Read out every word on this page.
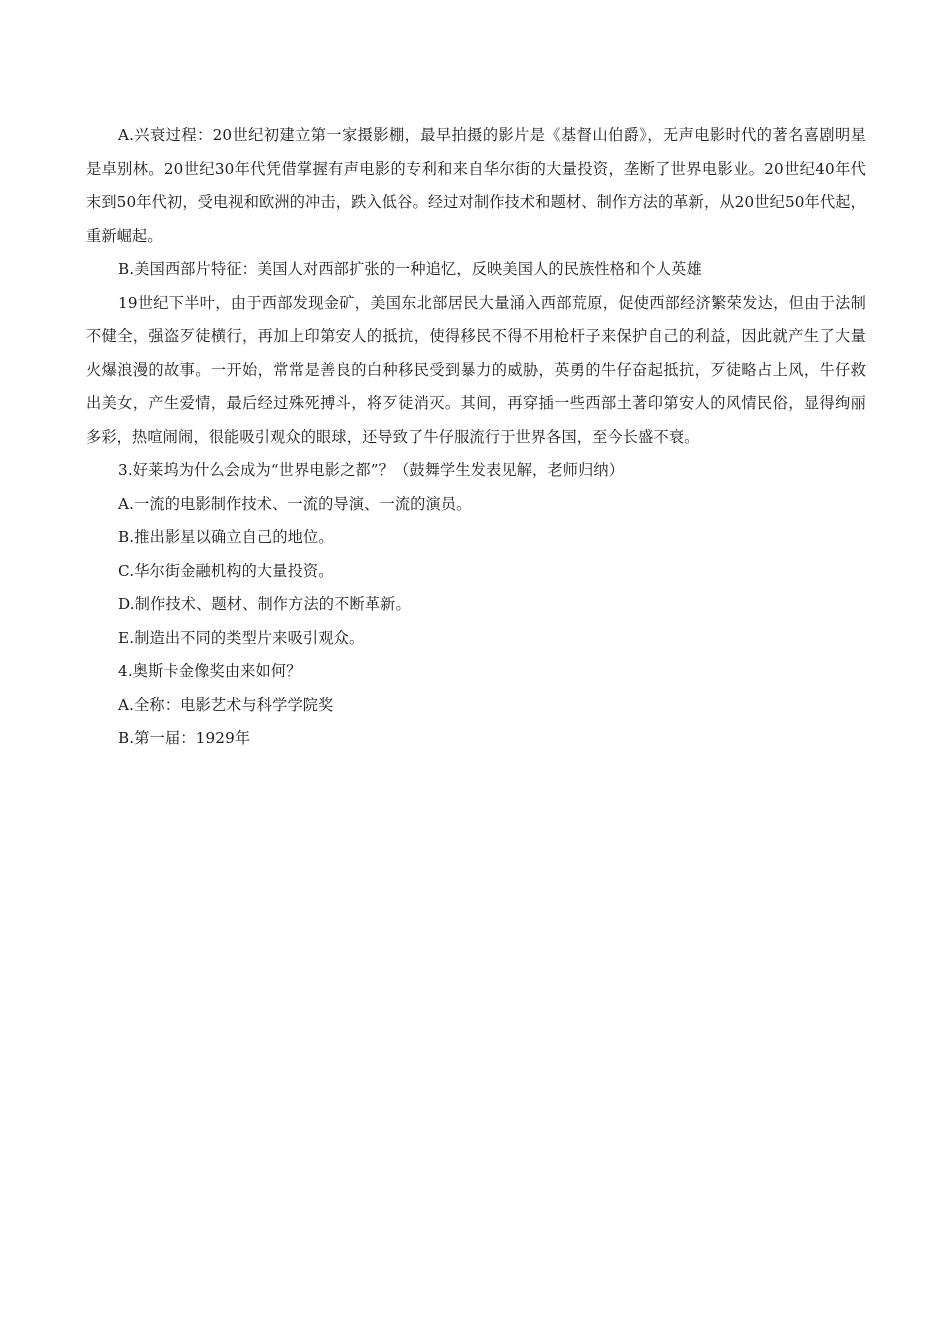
A.兴衰过程：20世纪初建立第一家摄影棚，最早拍摄的影片是《基督山伯爵》，无声电影时代的著名喜剧明星是卓别林。20世纪30年代凭借掌握有声电影的专利和来自华尔街的大量投资，垄断了世界电影业。20世纪40年代末到50年代初，受电视和欧洲的冲击，跌入低谷。经过对制作技术和题材、制作方法的革新，从20世纪50年代起，重新崛起。

B.美国西部片特征：美国人对西部扩张的一种追忆，反映美国人的民族性格和个人英雄

19世纪下半叶，由于西部发现金矿，美国东北部居民大量涌入西部荒原，促使西部经济繁荣发达，但由于法制不健全，强盗歹徒横行，再加上印第安人的抵抗，使得移民不得不用枪杆子来保护自己的利益，因此就产生了大量火爆浪漫的故事。一开始，常常是善良的白种移民受到暴力的威胁，英勇的牛仔奋起抵抗，歹徒略占上风，牛仔救出美女，产生爱情，最后经过殊死搏斗，将歹徒消灭。其间，再穿插一些西部土著印第安人的风情民俗，显得绚丽多彩，热喧闹闹，很能吸引观众的眼球，还导致了牛仔服流行于世界各国，至今长盛不衰。

3.好莱坞为什么会成为“世界电影之都”？（鼓舞学生发表见解，老师归纳）

A.一流的电影制作技术、一流的导演、一流的演员。

B.推出影星以确立自己的地位。

C.华尔街金融机构的大量投资。

D.制作技术、题材、制作方法的不断革新。

E.制造出不同的类型片来吸引观众。

4.奥斯卡金像奖由来如何？

A.全称：电影艺术与科学学院奖

B.第一届：1929年
